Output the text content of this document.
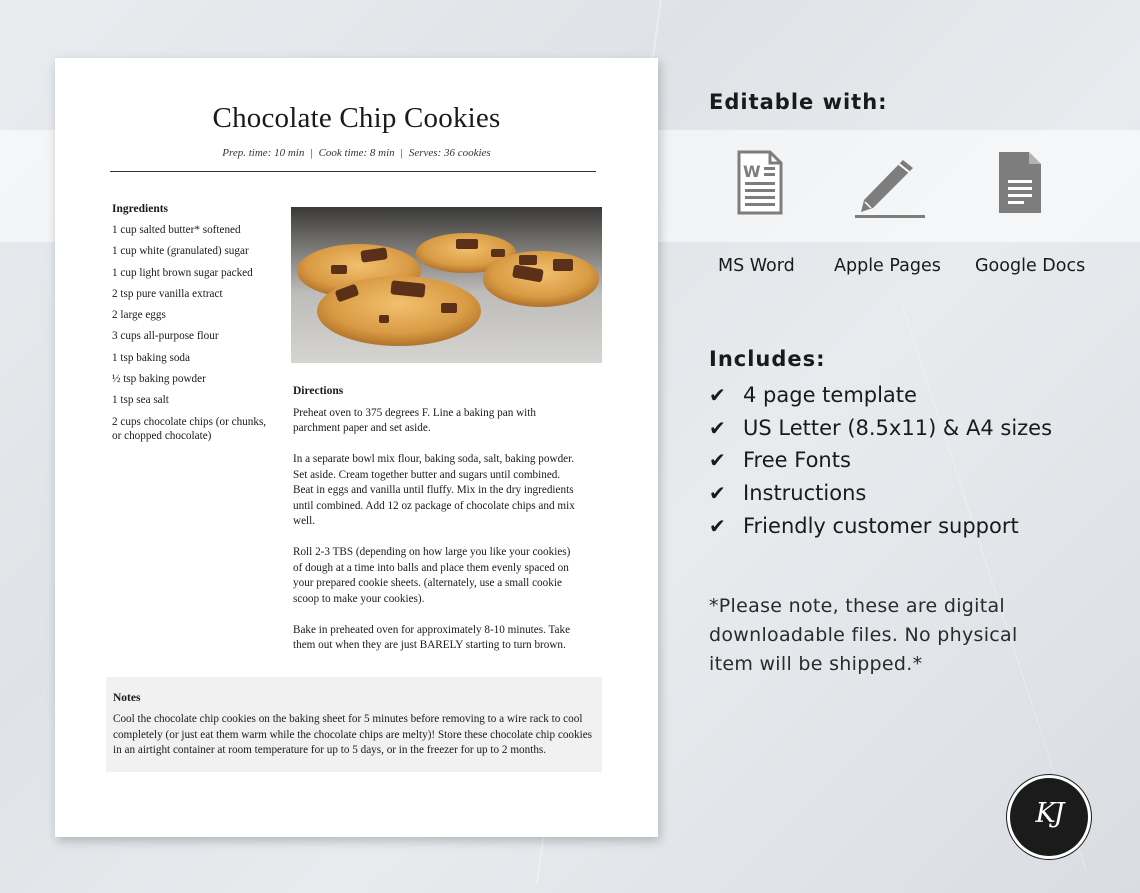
Chocolate Chip Cookies
Prep. time: 10 min | Cook time: 8 min | Serves: 36 cookies
Ingredients
1 cup salted butter* softened
1 cup white (granulated) sugar
1 cup light brown sugar packed
2 tsp pure vanilla extract
2 large eggs
3 cups all-purpose flour
1 tsp baking soda
½ tsp baking powder
1 tsp sea salt
2 cups chocolate chips (or chunks, or chopped chocolate)
Directions

Preheat oven to 375 degrees F. Line a baking pan with parchment paper and set aside.

In a separate bowl mix flour, baking soda, salt, baking powder. Set aside. Cream together butter and sugars until combined. Beat in eggs and vanilla until fluffy. Mix in the dry ingredients until combined. Add 12 oz package of chocolate chips and mix well.

Roll 2-3 TBS (depending on how large you like your cookies) of dough at a time into balls and place them evenly spaced on your prepared cookie sheets. (alternately, use a small cookie scoop to make your cookies).

Bake in preheated oven for approximately 8-10 minutes. Take them out when they are just BARELY starting to turn brown.

Notes

Cool the chocolate chip cookies on the baking sheet for 5 minutes before removing to a wire rack to cool completely (or just eat them warm while the chocolate chips are melty)! Store these chocolate chip cookies in an airtight container at room temperature for up to 5 days, or in the freezer for up to 2 months.

Editable with:
W
MS Word Apple Pages Google Docs
Includes:
✔ 4 page template
✔ US Letter (8.5x11) & A4 sizes
✔ Free Fonts
✔ Instructions
✔ Friendly customer support
*Please note, these are digital downloadable files. No physical item will be shipped.*
KJ
